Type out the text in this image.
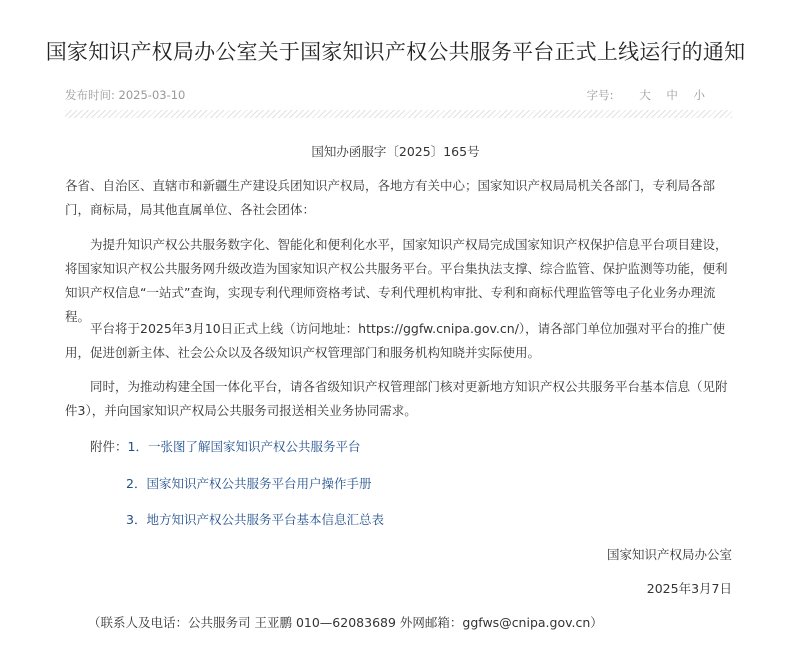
国家知识产权局办公室关于国家知识产权公共服务平台正式上线运行的通知
发布时间: 2025-03-10	字号: 大 中 小
国知办函服字〔2025〕165号
各省、自治区、直辖市和新疆生产建设兵团知识产权局，各地方有关中心；国家知识产权局局机关各部门，专利局各部门，商标局，局其他直属单位、各社会团体：
为提升知识产权公共服务数字化、智能化和便利化水平，国家知识产权局完成国家知识产权保护信息平台项目建设，将国家知识产权公共服务网升级改造为国家知识产权公共服务平台。平台集执法支撑、综合监管、保护监测等功能，便利知识产权信息“一站式”查询，实现专利代理师资格考试、专利代理机构审批、专利和商标代理监管等电子化业务办理流程。
平台将于2025年3月10日正式上线（访问地址：https://ggfw.cnipa.gov.cn/），请各部门单位加强对平台的推广使用，促进创新主体、社会公众以及各级知识产权管理部门和服务机构知晓并实际使用。
同时，为推动构建全国一体化平台，请各省级知识产权管理部门核对更新地方知识产权公共服务平台基本信息（见附件3），并向国家知识产权局公共服务司报送相关业务协同需求。
附件：1．一张图了解国家知识产权公共服务平台
2．国家知识产权公共服务平台用户操作手册
3．地方知识产权公共服务平台基本信息汇总表
国家知识产权局办公室
2025年3月7日
（联系人及电话：公共服务司 王亚鹏 010—62083689 外网邮箱：ggfws@cnipa.gov.cn）
